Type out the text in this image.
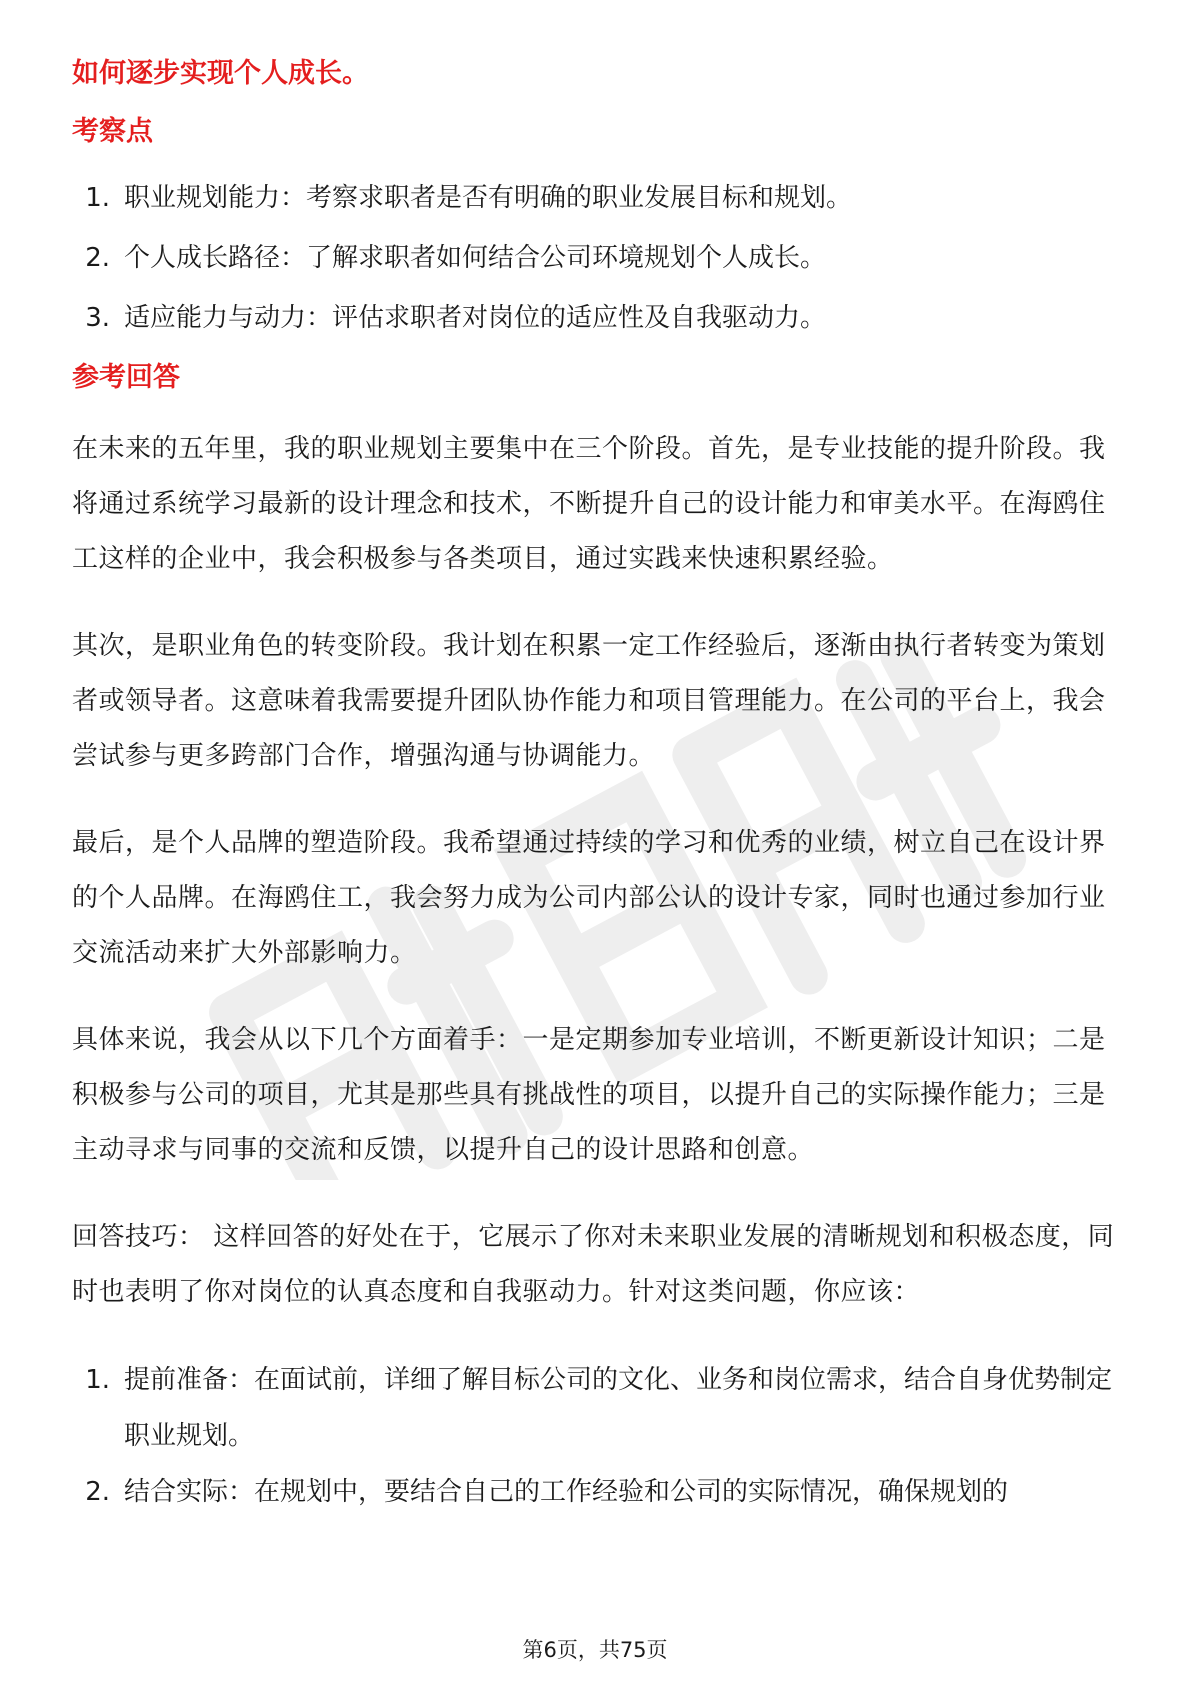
如何逐步实现个人成长。

考察点

1. 职业规划能力：考察求职者是否有明确的职业发展目标和规划。
2. 个人成长路径：了解求职者如何结合公司环境规划个人成长。
3. 适应能力与动力：评估求职者对岗位的适应性及自我驱动力。

参考回答

在未来的五年里，我的职业规划主要集中在三个阶段。首先，是专业技能的提升阶段。我将通过系统学习最新的设计理念和技术，不断提升自己的设计能力和审美水平。在海鸥住工这样的企业中，我会积极参与各类项目，通过实践来快速积累经验。

其次，是职业角色的转变阶段。我计划在积累一定工作经验后，逐渐由执行者转变为策划者或领导者。这意味着我需要提升团队协作能力和项目管理能力。在公司的平台上，我会尝试参与更多跨部门合作，增强沟通与协调能力。

最后，是个人品牌的塑造阶段。我希望通过持续的学习和优秀的业绩，树立自己在设计界的个人品牌。在海鸥住工，我会努力成为公司内部公认的设计专家，同时也通过参加行业交流活动来扩大外部影响力。

具体来说，我会从以下几个方面着手：一是定期参加专业培训，不断更新设计知识；二是积极参与公司的项目，尤其是那些具有挑战性的项目，以提升自己的实际操作能力；三是主动寻求与同事的交流和反馈，以提升自己的设计思路和创意。

回答技巧： 这样回答的好处在于，它展示了你对未来职业发展的清晰规划和积极态度，同时也表明了你对岗位的认真态度和自我驱动力。针对这类问题，你应该：

1. 提前准备：在面试前，详细了解目标公司的文化、业务和岗位需求，结合自身优势制定职业规划。
2. 结合实际：在规划中，要结合自己的工作经验和公司的实际情况，确保规划的
第6页，共75页
